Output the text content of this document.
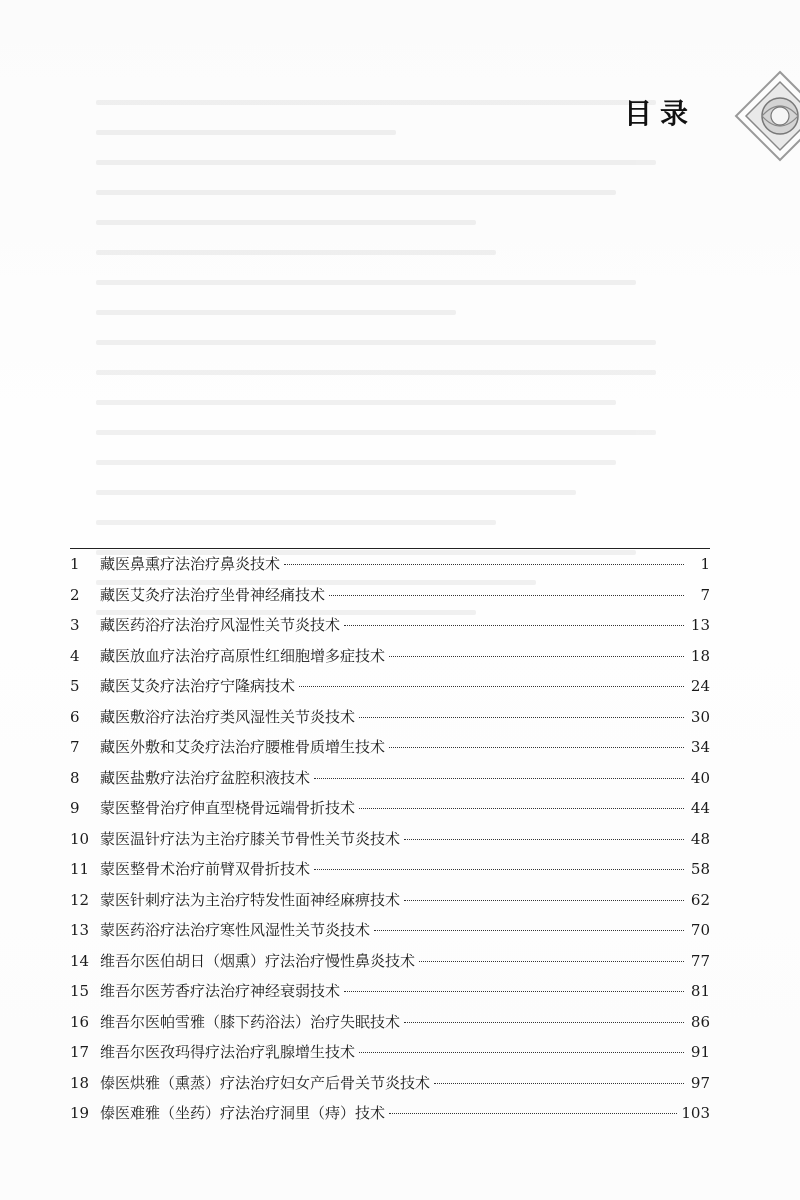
目录
1	藏医鼻熏疗法治疗鼻炎技术	1
2	藏医艾灸疗法治疗坐骨神经痛技术	7
3	藏医药浴疗法治疗风湿性关节炎技术	13
4	藏医放血疗法治疗高原性红细胞增多症技术	18
5	藏医艾灸疗法治疗宁隆病技术	24
6	藏医敷浴疗法治疗类风湿性关节炎技术	30
7	藏医外敷和艾灸疗法治疗腰椎骨质增生技术	34
8	藏医盐敷疗法治疗盆腔积液技术	40
9	蒙医整骨治疗伸直型桡骨远端骨折技术	44
10 蒙医温针疗法为主治疗膝关节骨性关节炎技术	48
11 蒙医整骨术治疗前臂双骨折技术	58
12 蒙医针刺疗法为主治疗特发性面神经麻痹技术	62
13 蒙医药浴疗法治疗寒性风湿性关节炎技术	70
14 维吾尔医伯胡日（烟熏）疗法治疗慢性鼻炎技术	77
15 维吾尔医芳香疗法治疗神经衰弱技术	81
16 维吾尔医帕雪雅（膝下药浴法）治疗失眠技术	86
17 维吾尔医孜玛得疗法治疗乳腺增生技术	91
18 傣医烘雅（熏蒸）疗法治疗妇女产后骨关节炎技术	97
19 傣医难雅（坐药）疗法治疗洞里（痔）技术	103
